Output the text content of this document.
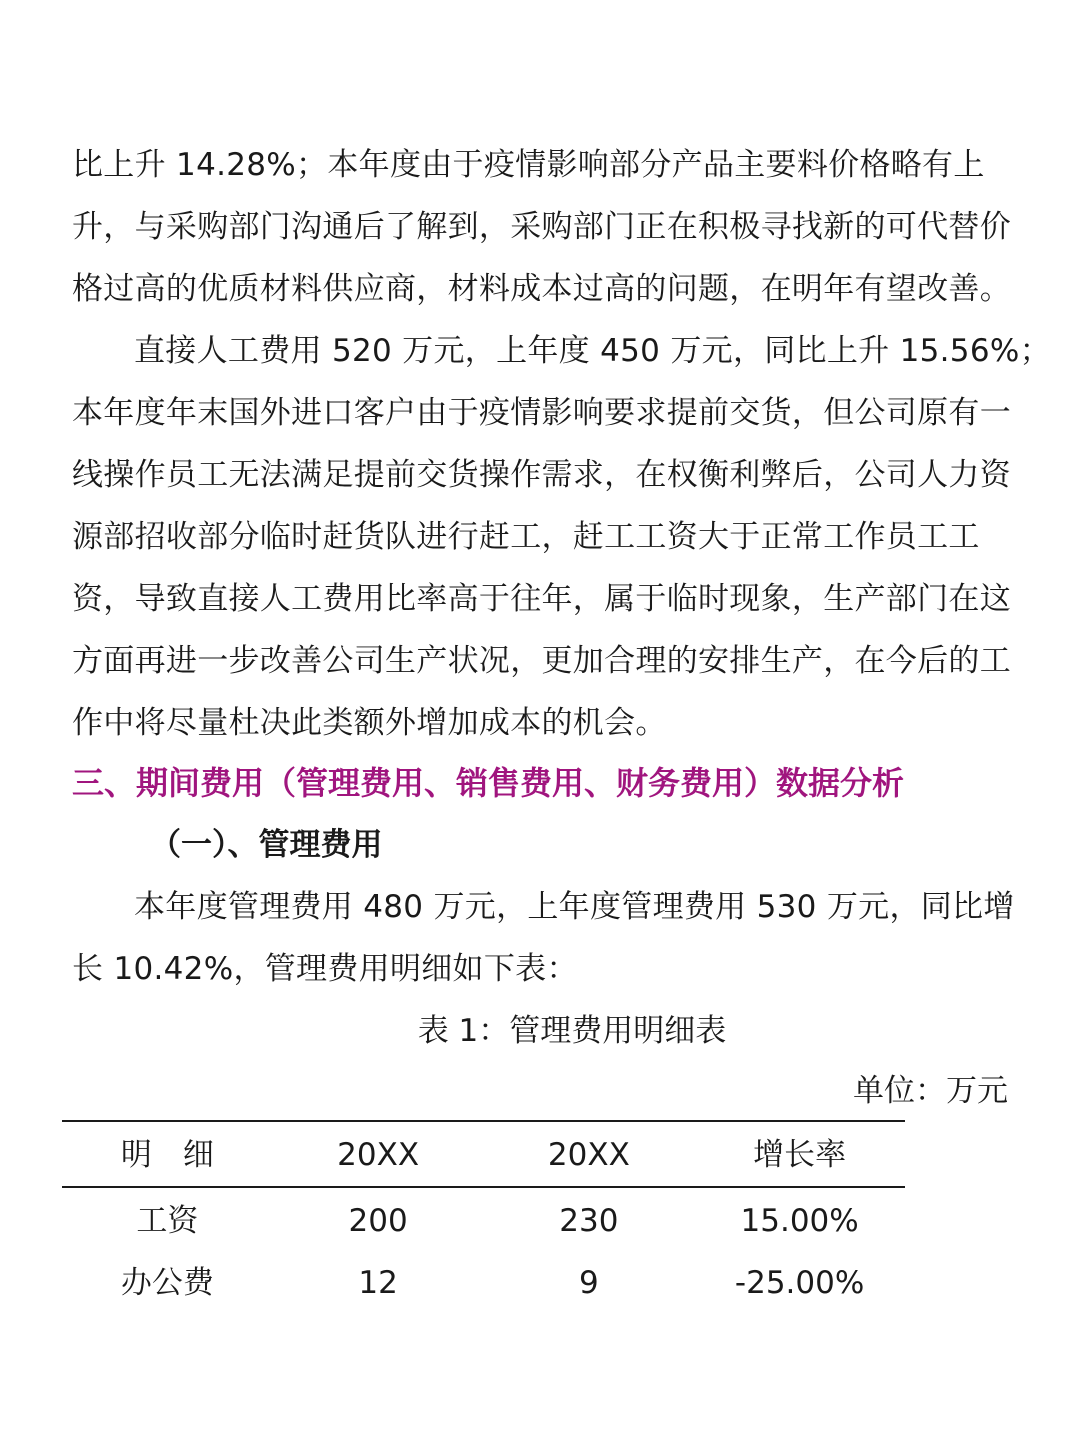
比上升 14.28%；本年度由于疫情影响部分产品主要料价格略有上
升，与采购部门沟通后了解到，采购部门正在积极寻找新的可代替价
格过高的优质材料供应商，材料成本过高的问题，在明年有望改善。
直接人工费用 520 万元，上年度 450 万元，同比上升 15.56%；
本年度年末国外进口客户由于疫情影响要求提前交货，但公司原有一
线操作员工无法满足提前交货操作需求，在权衡利弊后，公司人力资
源部招收部分临时赶货队进行赶工，赶工工资大于正常工作员工工
资，导致直接人工费用比率高于往年，属于临时现象，生产部门在这
方面再进一步改善公司生产状况，更加合理的安排生产，在今后的工
作中将尽量杜决此类额外增加成本的机会。
三、期间费用（管理费用、销售费用、财务费用）数据分析
（一）、管理费用
本年度管理费用 480 万元，上年度管理费用 530 万元，同比增
长 10.42%，管理费用明细如下表：
表 1：管理费用明细表
单位：万元
明　细	20XX	20XX	增长率
工资	200	230	15.00%
办公费	12	9	-25.00%
